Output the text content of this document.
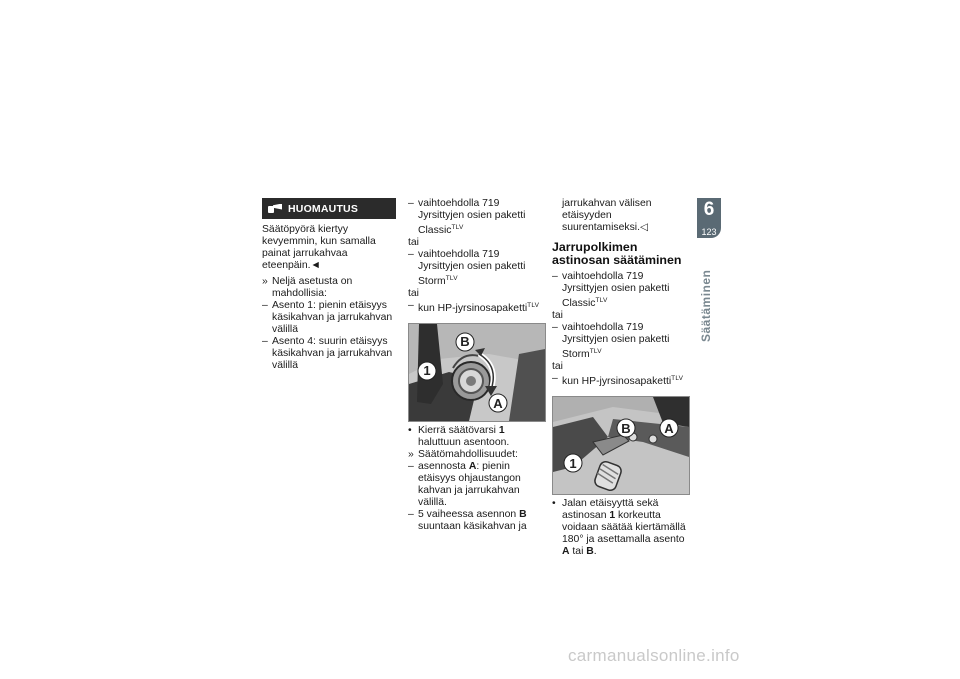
HUOMAUTUS

Säätöpyörä kiertyy kevyemmin, kun samalla painat jarrukahvaa eteenpäin.◄

» Neljä asetusta on mahdollisia:
– Asento 1: pienin etäisyys käsikahvan ja jarrukahvan välillä
– Asento 4: suurin etäisyys käsikahvan ja jarrukahvan välillä
– vaihtoehdolla 719 Jyrsittyjen osien paketti Classic$^{TLV}$
tai
– vaihtoehdolla 719 Jyrsittyjen osien paketti Storm$^{TLV}$
tai
– kun HP-jyrsinosapaketti$^{TLV}$
B
1
A
• Kierrä säätövarsi 1 haluttuun asentoon.
» Säätömahdollisuudet:
– asennosta A: pienin etäisyys ohjaustangon kahvan ja jarrukahvan välillä.
– 5 vaiheessa asennon B suuntaan käsikahvan ja
jarrukahvan välisen etäisyyden suurentamiseksi.◁
Jarrupolkimen astinosan säätäminen
– vaihtoehdolla 719 Jyrsittyjen osien paketti Classic$^{TLV}$
tai
– vaihtoehdolla 719 Jyrsittyjen osien paketti Storm$^{TLV}$
tai
– kun HP-jyrsinosapaketti$^{TLV}$
B	A
1
• Jalan etäisyyttä sekä astinosan 1 korkeutta voidaan säätää kiertämällä 180° ja asettamalla asento A tai B.
6
123
Säätäminen
carmanualsonline.info
